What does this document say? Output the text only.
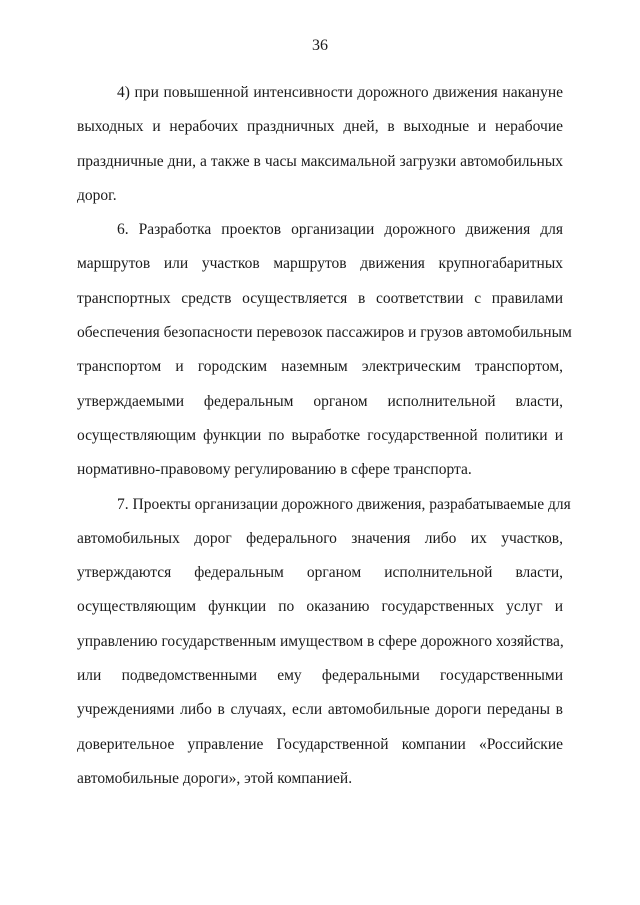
36
4) при повышенной интенсивности дорожного движения накануне
выходных и нерабочих праздничных дней, в выходные и нерабочие
праздничные дни, а также в часы максимальной загрузки автомобильных
дорог.
6. Разработка проектов организации дорожного движения для
маршрутов или участков маршрутов движения крупногабаритных
транспортных средств осуществляется в соответствии с правилами
обеспечения безопасности перевозок пассажиров и грузов автомобильным
транспортом и городским наземным электрическим транспортом,
утверждаемыми федеральным органом исполнительной власти,
осуществляющим функции по выработке государственной политики и
нормативно-правовому регулированию в сфере транспорта.
7. Проекты организации дорожного движения, разрабатываемые для
автомобильных дорог федерального значения либо их участков,
утверждаются федеральным органом исполнительной власти,
осуществляющим функции по оказанию государственных услуг и
управлению государственным имуществом в сфере дорожного хозяйства,
или подведомственными ему федеральными государственными
учреждениями либо в случаях, если автомобильные дороги переданы в
доверительное управление Государственной компании «Российские
автомобильные дороги», этой компанией.
